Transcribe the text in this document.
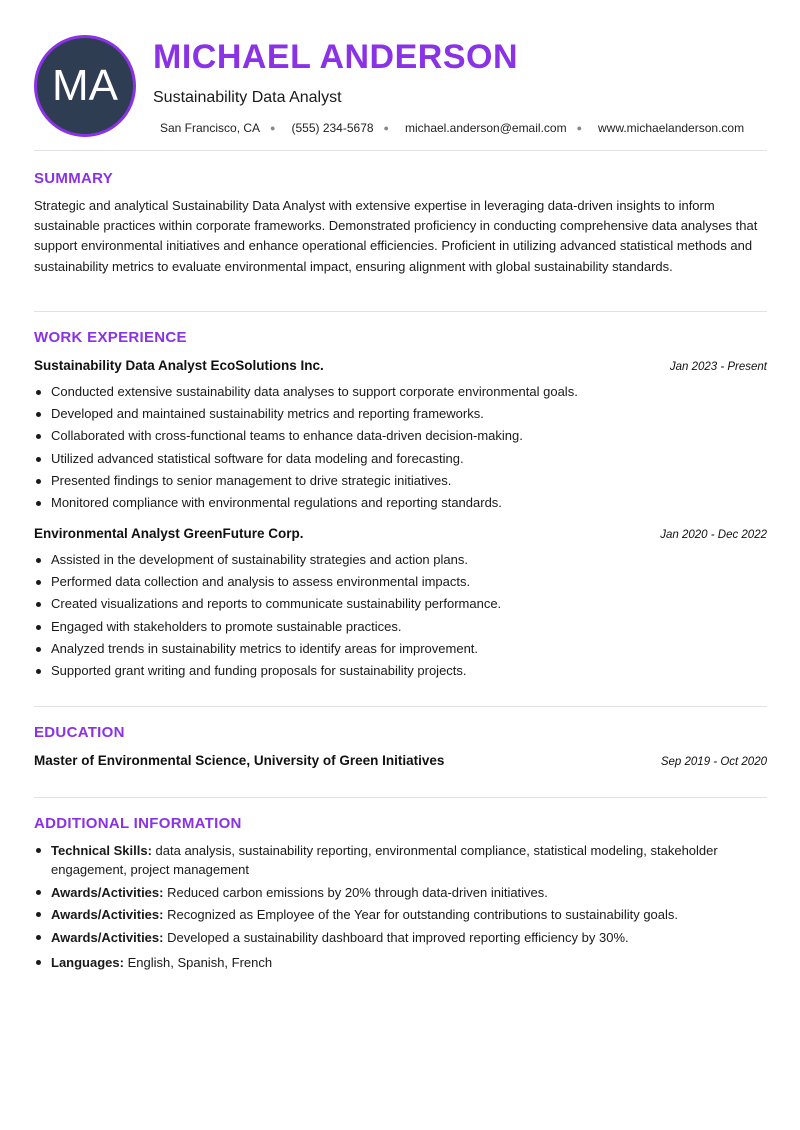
MA
MICHAEL ANDERSON
Sustainability Data Analyst
San Francisco, CA ● (555) 234-5678 ● michael.anderson@email.com ● www.michaelanderson.com
SUMMARY

Strategic and analytical Sustainability Data Analyst with extensive expertise in leveraging data-driven insights to inform sustainable practices within corporate frameworks. Demonstrated proficiency in conducting comprehensive data analyses that support environmental initiatives and enhance operational efficiencies. Proficient in utilizing advanced statistical methods and sustainability metrics to evaluate environmental impact, ensuring alignment with global sustainability standards.

WORK EXPERIENCE
Sustainability Data Analyst EcoSolutions Inc.	Jan 2023 - Present
Conducted extensive sustainability data analyses to support corporate environmental goals.
Developed and maintained sustainability metrics and reporting frameworks.
Collaborated with cross-functional teams to enhance data-driven decision-making.
Utilized advanced statistical software for data modeling and forecasting.
Presented findings to senior management to drive strategic initiatives.
Monitored compliance with environmental regulations and reporting standards.
Environmental Analyst GreenFuture Corp.	Jan 2020 - Dec 2022
Assisted in the development of sustainability strategies and action plans.
Performed data collection and analysis to assess environmental impacts.
Created visualizations and reports to communicate sustainability performance.
Engaged with stakeholders to promote sustainable practices.
Analyzed trends in sustainability metrics to identify areas for improvement.
Supported grant writing and funding proposals for sustainability projects.
EDUCATION
Master of Environmental Science, University of Green Initiatives	Sep 2019 - Oct 2020
ADDITIONAL INFORMATION
Technical Skills: data analysis, sustainability reporting, environmental compliance, statistical modeling, stakeholder engagement, project management
Awards/Activities: Reduced carbon emissions by 20% through data-driven initiatives.
Awards/Activities: Recognized as Employee of the Year for outstanding contributions to sustainability goals.
Awards/Activities: Developed a sustainability dashboard that improved reporting efficiency by 30%.
Languages: English, Spanish, French
